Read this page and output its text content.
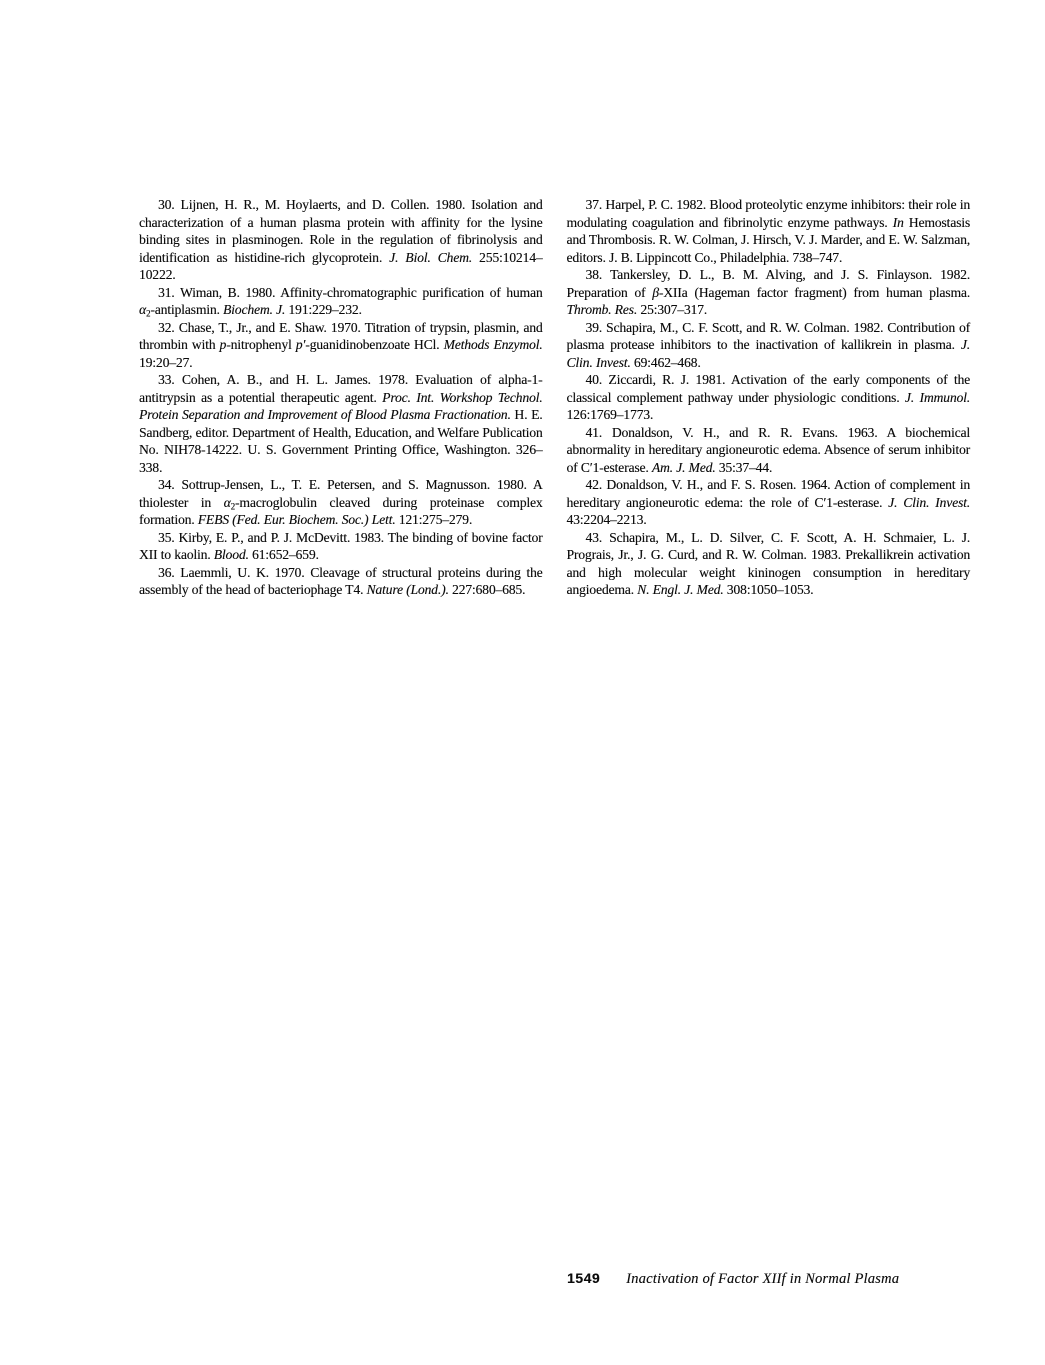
30. Lijnen, H. R., M. Hoylaerts, and D. Collen. 1980. Isolation and characterization of a human plasma protein with affinity for the lysine binding sites in plasminogen. Role in the regulation of fibrinolysis and identification as histidine-rich glycoprotein. J. Biol. Chem. 255:10214–10222.

31. Wiman, B. 1980. Affinity-chromatographic purification of human $\alpha_2$-antiplasmin. Biochem. J. 191:229–232.

32. Chase, T., Jr., and E. Shaw. 1970. Titration of trypsin, plasmin, and thrombin with p-nitrophenyl p′-guanidinobenzoate HCl. Methods Enzymol. 19:20–27.

33. Cohen, A. B., and H. L. James. 1978. Evaluation of alpha-1-antitrypsin as a potential therapeutic agent. Proc. Int. Workshop Technol. Protein Separation and Improvement of Blood Plasma Fractionation. H. E. Sandberg, editor. Department of Health, Education, and Welfare Publication No. NIH78-14222. U. S. Government Printing Office, Washington. 326–338.

34. Sottrup-Jensen, L., T. E. Petersen, and S. Magnusson. 1980. A thiolester in $\alpha_2$-macroglobulin cleaved during proteinase complex formation. FEBS (Fed. Eur. Biochem. Soc.) Lett. 121:275–279.

35. Kirby, E. P., and P. J. McDevitt. 1983. The binding of bovine factor XII to kaolin. Blood. 61:652–659.

36. Laemmli, U. K. 1970. Cleavage of structural proteins during the assembly of the head of bacteriophage T4. Nature (Lond.). 227:680–685.

37. Harpel, P. C. 1982. Blood proteolytic enzyme inhibitors: their role in modulating coagulation and fibrinolytic enzyme pathways. In Hemostasis and Thrombosis. R. W. Colman, J. Hirsch, V. J. Marder, and E. W. Salzman, editors. J. B. Lippincott Co., Philadelphia. 738–747.

38. Tankersley, D. L., B. M. Alving, and J. S. Finlayson. 1982. Preparation of β-XIIa (Hageman factor fragment) from human plasma. Thromb. Res. 25:307–317.

39. Schapira, M., C. F. Scott, and R. W. Colman. 1982. Contribution of plasma protease inhibitors to the inactivation of kallikrein in plasma. J. Clin. Invest. 69:462–468.

40. Ziccardi, R. J. 1981. Activation of the early components of the classical complement pathway under physiologic conditions. J. Immunol. 126:1769–1773.

41. Donaldson, V. H., and R. R. Evans. 1963. A biochemical abnormality in hereditary angioneurotic edema. Absence of serum inhibitor of C′1-esterase. Am. J. Med. 35:37–44.

42. Donaldson, V. H., and F. S. Rosen. 1964. Action of complement in hereditary angioneurotic edema: the role of C′1-esterase. J. Clin. Invest. 43:2204–2213.

43. Schapira, M., L. D. Silver, C. F. Scott, A. H. Schmaier, L. J. Prograis, Jr., J. G. Curd, and R. W. Colman. 1983. Prekallikrein activation and high molecular weight kininogen consumption in hereditary angioedema. N. Engl. J. Med. 308:1050–1053.

1549 Inactivation of Factor XIIf in Normal Plasma
